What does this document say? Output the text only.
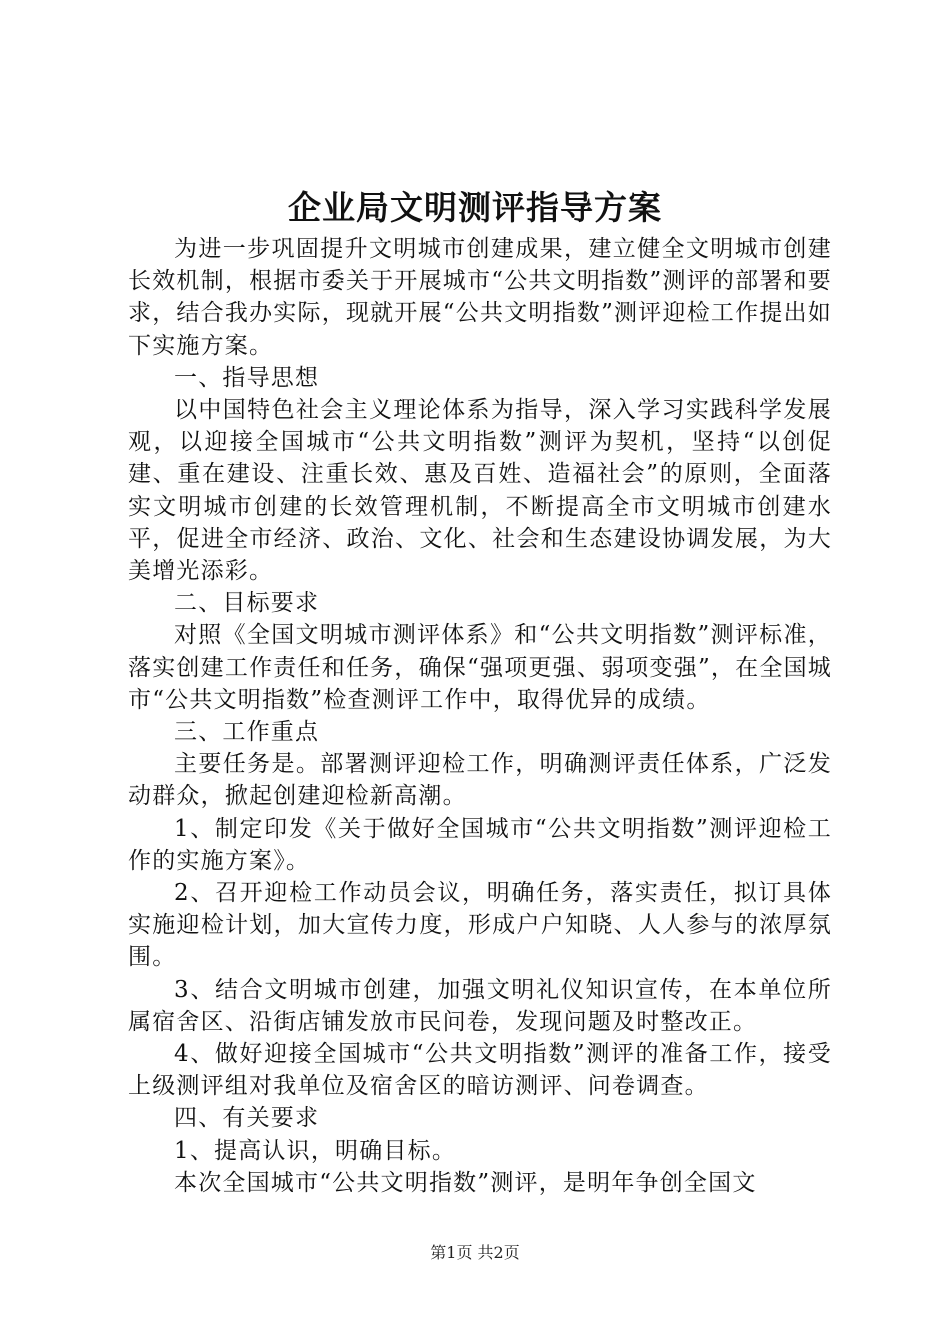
企业局文明测评指导方案

为进一步巩固提升文明城市创建成果，建立健全文明城市创建长效机制，根据市委关于开展城市“公共文明指数”测评的部署和要求，结合我办实际，现就开展“公共文明指数”测评迎检工作提出如下实施方案。

一、指导思想

以中国特色社会主义理论体系为指导，深入学习实践科学发展观，以迎接全国城市“公共文明指数”测评为契机，坚持“以创促建、重在建设、注重长效、惠及百姓、造福社会”的原则，全面落实文明城市创建的长效管理机制，不断提高全市文明城市创建水平，促进全市经济、政治、文化、社会和生态建设协调发展，为大美增光添彩。

二、目标要求

对照《全国文明城市测评体系》和“公共文明指数”测评标准，落实创建工作责任和任务，确保“强项更强、弱项变强”，在全国城市“公共文明指数”检查测评工作中，取得优异的成绩。

三、工作重点

主要任务是。部署测评迎检工作，明确测评责任体系，广泛发动群众，掀起创建迎检新高潮。

1、制定印发《关于做好全国城市“公共文明指数”测评迎检工作的实施方案》。

2、召开迎检工作动员会议，明确任务，落实责任，拟订具体实施迎检计划，加大宣传力度，形成户户知晓、人人参与的浓厚氛围。

3、结合文明城市创建，加强文明礼仪知识宣传，在本单位所属宿舍区、沿街店铺发放市民问卷，发现问题及时整改正。

4、做好迎接全国城市“公共文明指数”测评的准备工作，接受上级测评组对我单位及宿舍区的暗访测评、问卷调查。

四、有关要求

1、提高认识，明确目标。

本次全国城市“公共文明指数”测评，是明年争创全国文

第1页 共2页
